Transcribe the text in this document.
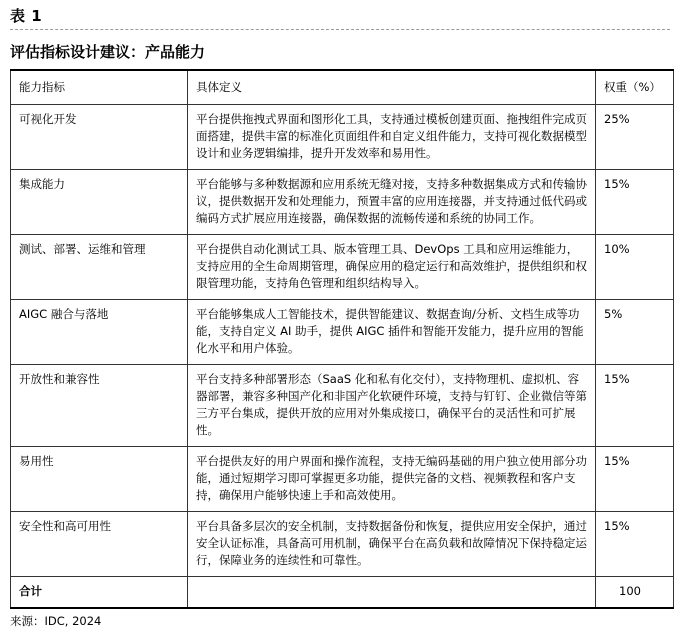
表 1
评估指标设计建议：产品能力
能力指标	具体定义	权重（%）
可视化开发	平台提供拖拽式界面和图形化工具，支持通过模板创建页面、拖拽组件完成页面搭建，提供丰富的标准化页面组件和自定义组件能力，支持可视化数据模型设计和业务逻辑编排，提升开发效率和易用性。	25%
集成能力	平台能够与多种数据源和应用系统无缝对接，支持多种数据集成方式和传输协议，提供数据开发和处理能力，预置丰富的应用连接器，并支持通过低代码或编码方式扩展应用连接器，确保数据的流畅传递和系统的协同工作。	15%
测试、部署、运维和管理	平台提供自动化测试工具、版本管理工具、DevOps 工具和应用运维能力，支持应用的全生命周期管理，确保应用的稳定运行和高效维护，提供组织和权限管理功能，支持角色管理和组织结构导入。	10%
AIGC 融合与落地	平台能够集成人工智能技术，提供智能建议、数据查询/分析、文档生成等功能，支持自定义 AI 助手，提供 AIGC 插件和智能开发能力，提升应用的智能化水平和用户体验。	5%
开放性和兼容性	平台支持多种部署形态（SaaS 化和私有化交付），支持物理机、虚拟机、容器部署，兼容多种国产化和非国产化软硬件环境，支持与钉钉、企业微信等第三方平台集成，提供开放的应用对外集成接口，确保平台的灵活性和可扩展性。	15%
易用性	平台提供友好的用户界面和操作流程，支持无编码基础的用户独立使用部分功能，通过短期学习即可掌握更多功能，提供完备的文档、视频教程和客户支持，确保用户能够快速上手和高效使用。	15%
安全性和高可用性	平台具备多层次的安全机制，支持数据备份和恢复，提供应用安全保护，通过安全认证标准，具备高可用机制，确保平台在高负载和故障情况下保持稳定运行，保障业务的连续性和可靠性。	15%
合计		100
来源：IDC, 2024
